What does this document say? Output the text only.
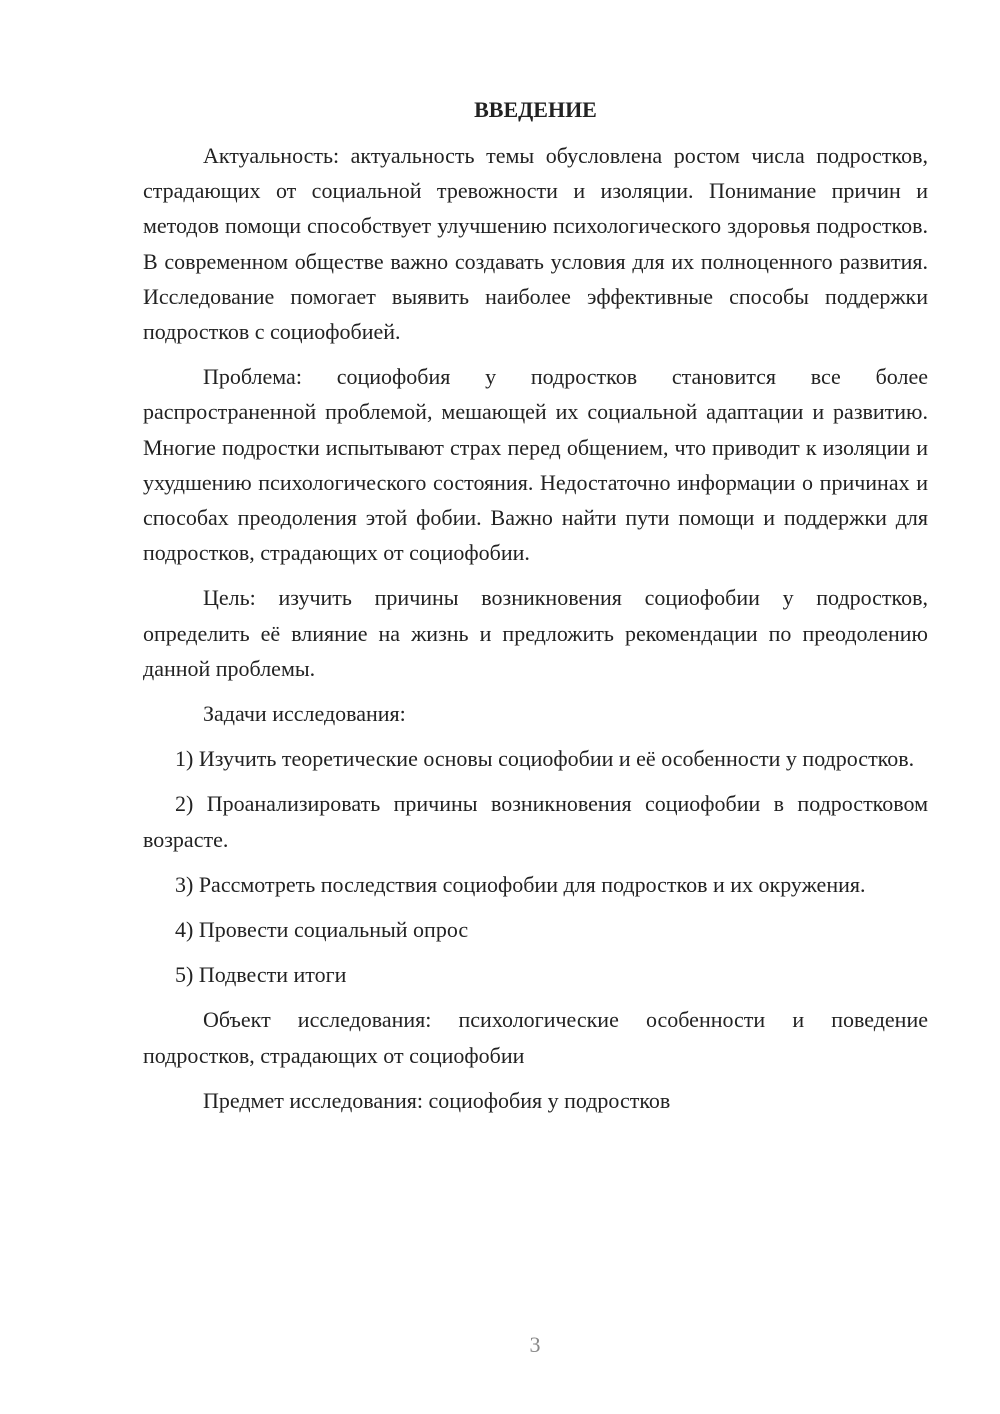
ВВЕДЕНИЕ

Актуальность: актуальность темы обусловлена ростом числа подростков, страдающих от социальной тревожности и изоляции. Понимание причин и методов помощи способствует улучшению психологического здоровья подростков. В современном обществе важно создавать условия для их полноценного развития. Исследование помогает выявить наиболее эффективные способы поддержки подростков с социофобией.

Проблема: социофобия у подростков становится все более распространенной проблемой, мешающей их социальной адаптации и развитию. Многие подростки испытывают страх перед общением, что приводит к изоляции и ухудшению психологического состояния. Недостаточно информации о причинах и способах преодоления этой фобии. Важно найти пути помощи и поддержки для подростков, страдающих от социофобии.

Цель: изучить причины возникновения социофобии у подростков, определить её влияние на жизнь и предложить рекомендации по преодолению данной проблемы.

Задачи исследования:

1) Изучить теоретические основы социофобии и её особенности у подростков.

2) Проанализировать причины возникновения социофобии в подростковом возрасте.

3) Рассмотреть последствия социофобии для подростков и их окружения.

4) Провести социальный опрос

5) Подвести итоги

Объект исследования: психологические особенности и поведение подростков, страдающих от социофобии

Предмет исследования: социофобия у подростков

3
